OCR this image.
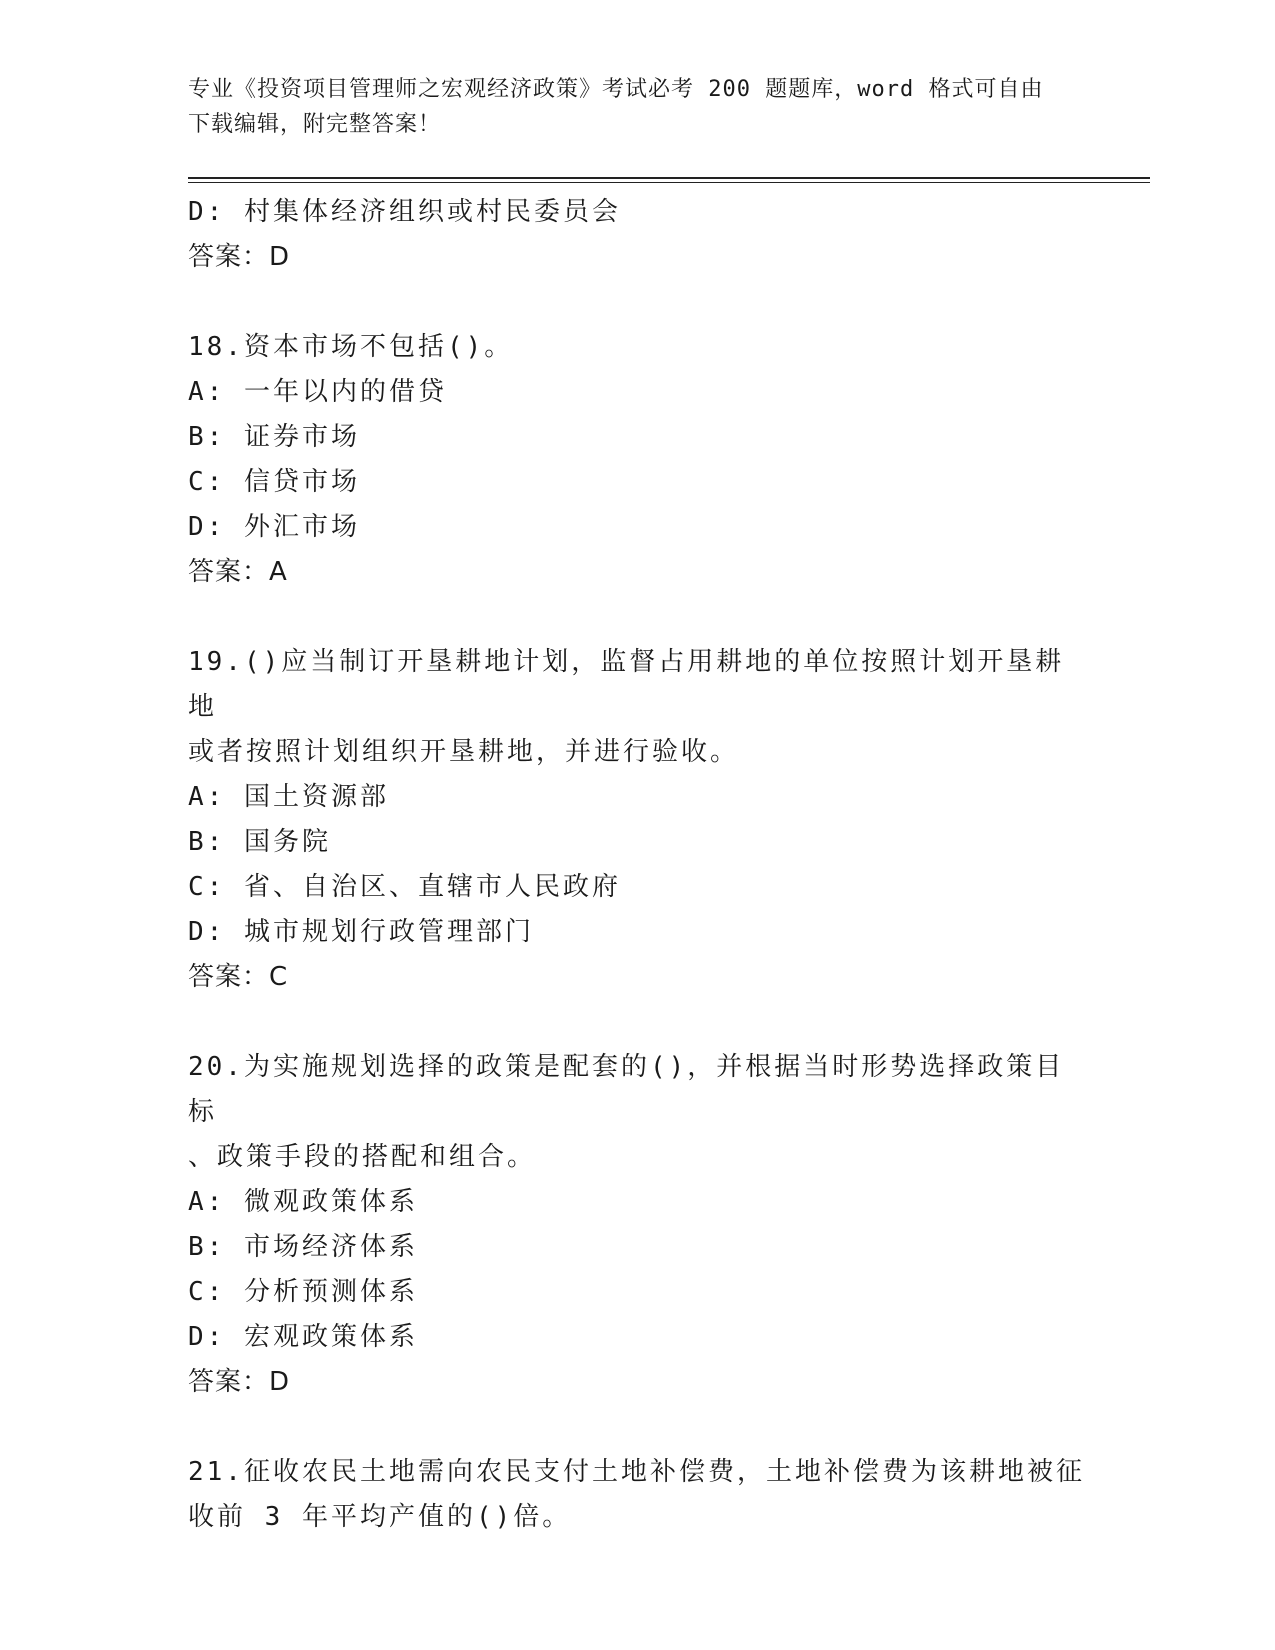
专业《投资项目管理师之宏观经济政策》考试必考 200 题题库，word 格式可自由
下载编辑，附完整答案！
D: 村集体经济组织或村民委员会
答案：D
18.资本市场不包括()。
A: 一年以内的借贷
B: 证券市场
C: 信贷市场
D: 外汇市场
答案：A
19.()应当制订开垦耕地计划，监督占用耕地的单位按照计划开垦耕地
或者按照计划组织开垦耕地，并进行验收。
A: 国土资源部
B: 国务院
C: 省、自治区、直辖市人民政府
D: 城市规划行政管理部门
答案：C
20.为实施规划选择的政策是配套的()，并根据当时形势选择政策目标
、政策手段的搭配和组合。
A: 微观政策体系
B: 市场经济体系
C: 分析预测体系
D: 宏观政策体系
答案：D
21.征收农民土地需向农民支付土地补偿费，土地补偿费为该耕地被征
收前 3 年平均产值的()倍。
